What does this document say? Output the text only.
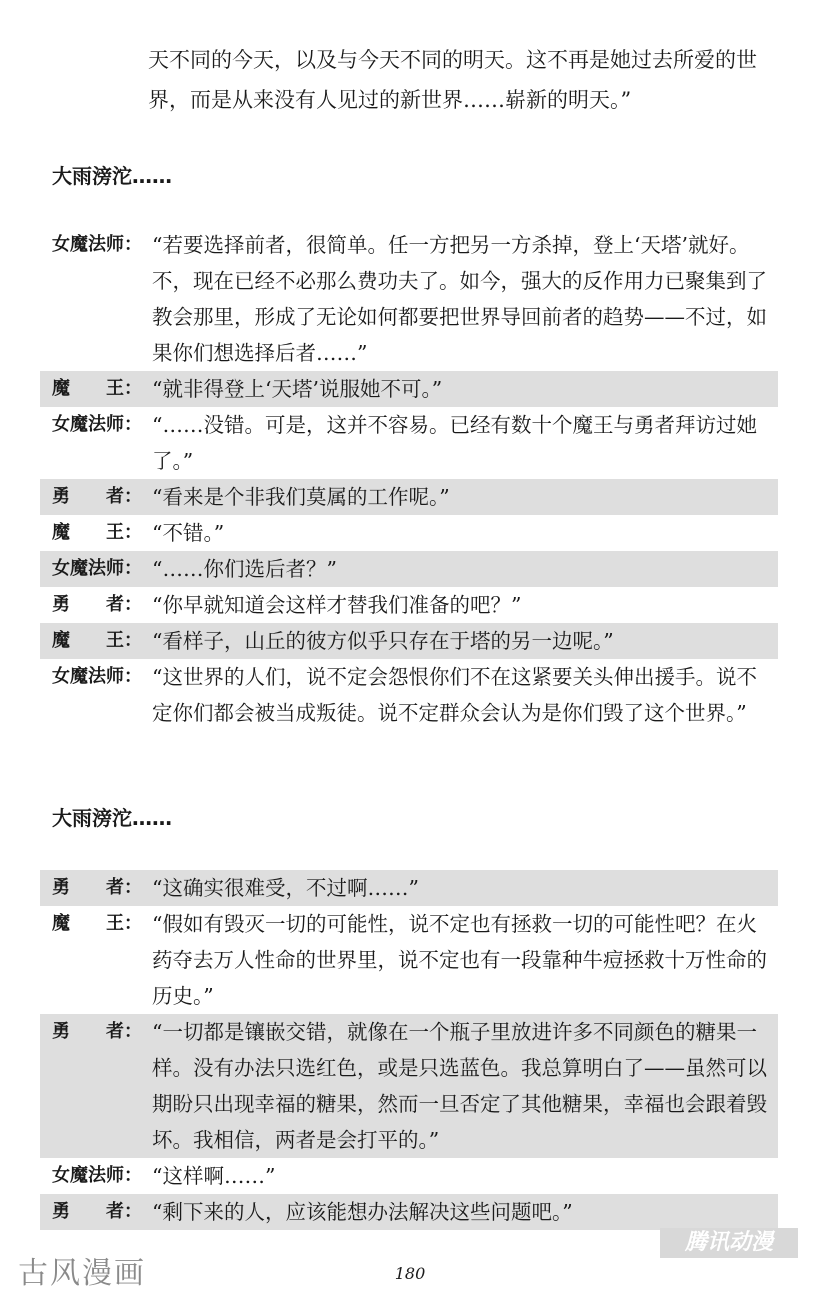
天不同的今天，以及与今天不同的明天。这不再是她过去所爱的世界，而是从来没有人见过的新世界……崭新的明天。”
大雨滂沱……
女魔法师： “若要选择前者，很简单。任一方把另一方杀掉，登上‘天塔’就好。不，现在已经不必那么费功夫了。如今，强大的反作用力已聚集到了教会那里，形成了无论如何都要把世界导回前者的趋势——不过，如果你们想选择后者……”
魔　　王： “就非得登上‘天塔’说服她不可。”
女魔法师： “……没错。可是，这并不容易。已经有数十个魔王与勇者拜访过她了。”
勇　　者： “看来是个非我们莫属的工作呢。”
魔　　王： “不错。”
女魔法师： “……你们选后者？”
勇　　者： “你早就知道会这样才替我们准备的吧？”
魔　　王： “看样子，山丘的彼方似乎只存在于塔的另一边呢。”
女魔法师： “这世界的人们，说不定会怨恨你们不在这紧要关头伸出援手。说不定你们都会被当成叛徒。说不定群众会认为是你们毁了这个世界。”
大雨滂沱……
勇　　者： “这确实很难受，不过啊……”
魔　　王： “假如有毁灭一切的可能性，说不定也有拯救一切的可能性吧？在火药夺去万人性命的世界里，说不定也有一段靠种牛痘拯救十万性命的历史。”
勇　　者： “一切都是镶嵌交错，就像在一个瓶子里放进许多不同颜色的糖果一样。没有办法只选红色，或是只选蓝色。我总算明白了——虽然可以期盼只出现幸福的糖果，然而一旦否定了其他糖果，幸福也会跟着毁坏。我相信，两者是会打平的。”
女魔法师： “这样啊……”
勇　　者： “剩下来的人，应该能想办法解决这些问题吧。”
腾讯动漫
古风漫画	180
